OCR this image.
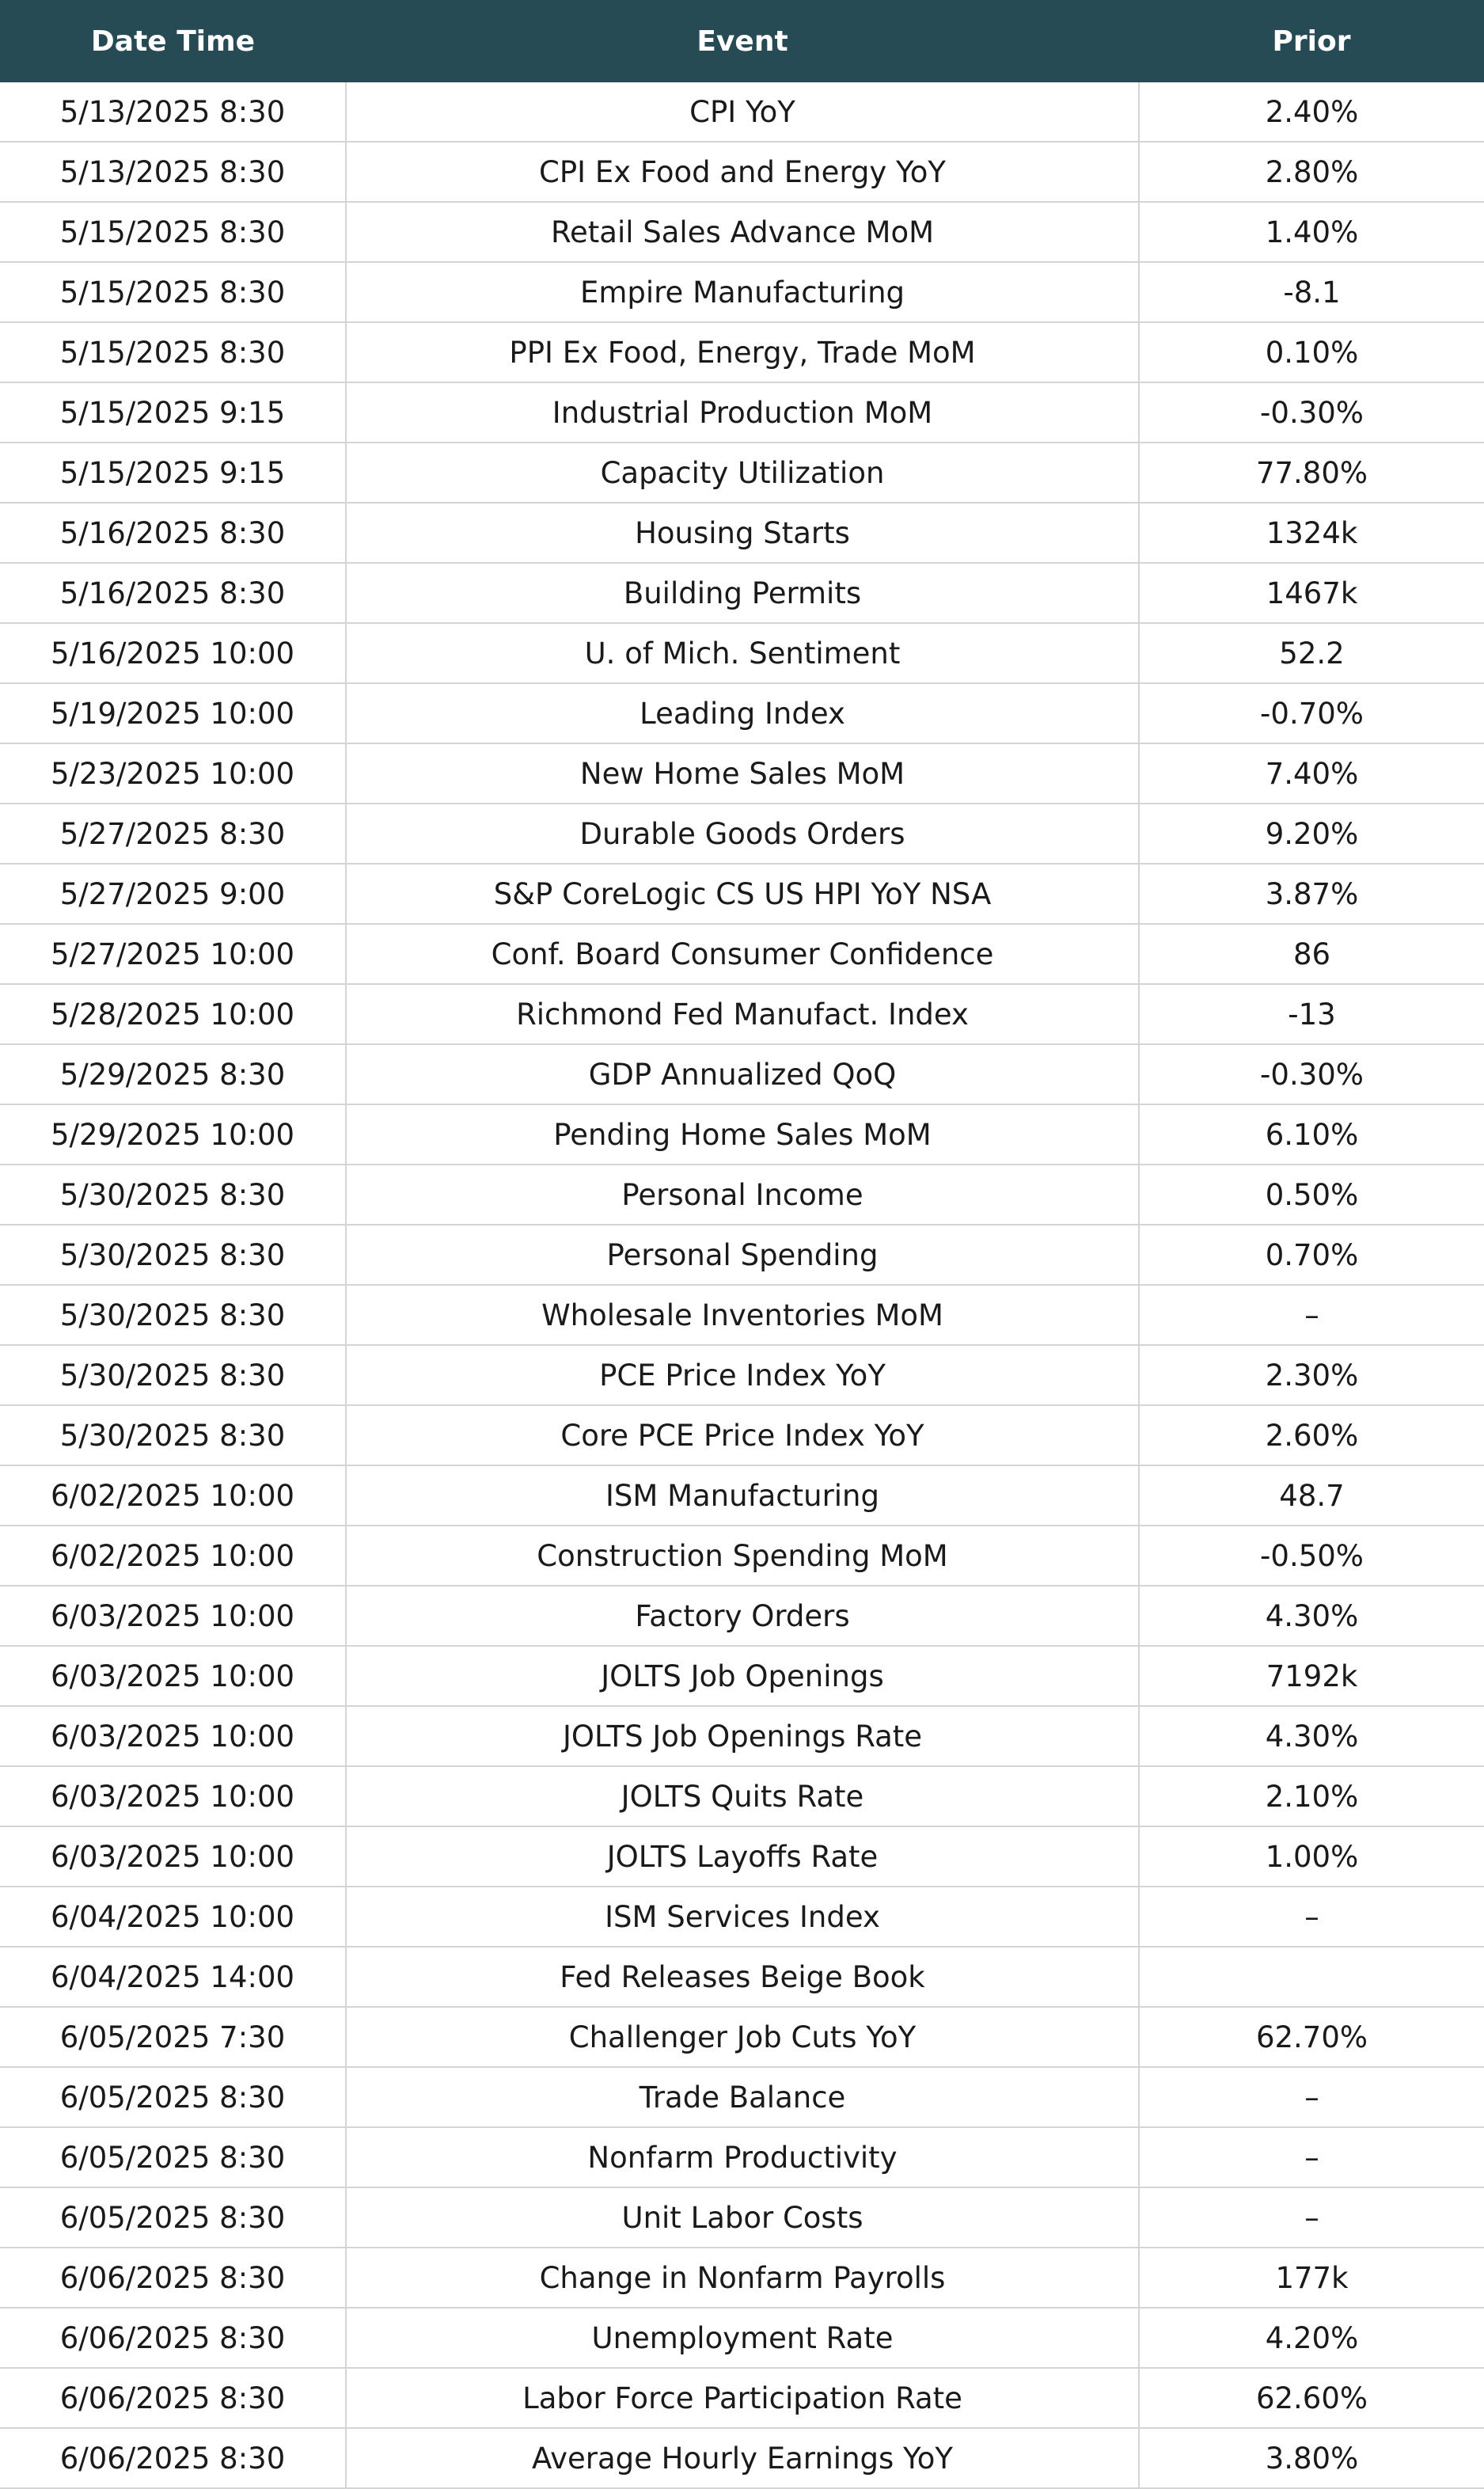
Date Time	Event	Prior
5/13/2025 8:30	CPI YoY	2.40%
5/13/2025 8:30	CPI Ex Food and Energy YoY	2.80%
5/15/2025 8:30	Retail Sales Advance MoM	1.40%
5/15/2025 8:30	Empire Manufacturing	-8.1
5/15/2025 8:30	PPI Ex Food, Energy, Trade MoM	0.10%
5/15/2025 9:15	Industrial Production MoM	-0.30%
5/15/2025 9:15	Capacity Utilization	77.80%
5/16/2025 8:30	Housing Starts	1324k
5/16/2025 8:30	Building Permits	1467k
5/16/2025 10:00	U. of Mich. Sentiment	52.2
5/19/2025 10:00	Leading Index	-0.70%
5/23/2025 10:00	New Home Sales MoM	7.40%
5/27/2025 8:30	Durable Goods Orders	9.20%
5/27/2025 9:00	S&P CoreLogic CS US HPI YoY NSA	3.87%
5/27/2025 10:00	Conf. Board Consumer Confidence	86
5/28/2025 10:00	Richmond Fed Manufact. Index	-13
5/29/2025 8:30	GDP Annualized QoQ	-0.30%
5/29/2025 10:00	Pending Home Sales MoM	6.10%
5/30/2025 8:30	Personal Income	0.50%
5/30/2025 8:30	Personal Spending	0.70%
5/30/2025 8:30	Wholesale Inventories MoM	–
5/30/2025 8:30	PCE Price Index YoY	2.30%
5/30/2025 8:30	Core PCE Price Index YoY	2.60%
6/02/2025 10:00	ISM Manufacturing	48.7
6/02/2025 10:00	Construction Spending MoM	-0.50%
6/03/2025 10:00	Factory Orders	4.30%
6/03/2025 10:00	JOLTS Job Openings	7192k
6/03/2025 10:00	JOLTS Job Openings Rate	4.30%
6/03/2025 10:00	JOLTS Quits Rate	2.10%
6/03/2025 10:00	JOLTS Layoffs Rate	1.00%
6/04/2025 10:00	ISM Services Index	–
6/04/2025 14:00	Fed Releases Beige Book	
6/05/2025 7:30	Challenger Job Cuts YoY	62.70%
6/05/2025 8:30	Trade Balance	–
6/05/2025 8:30	Nonfarm Productivity	–
6/05/2025 8:30	Unit Labor Costs	–
6/06/2025 8:30	Change in Nonfarm Payrolls	177k
6/06/2025 8:30	Unemployment Rate	4.20%
6/06/2025 8:30	Labor Force Participation Rate	62.60%
6/06/2025 8:30	Average Hourly Earnings YoY	3.80%
